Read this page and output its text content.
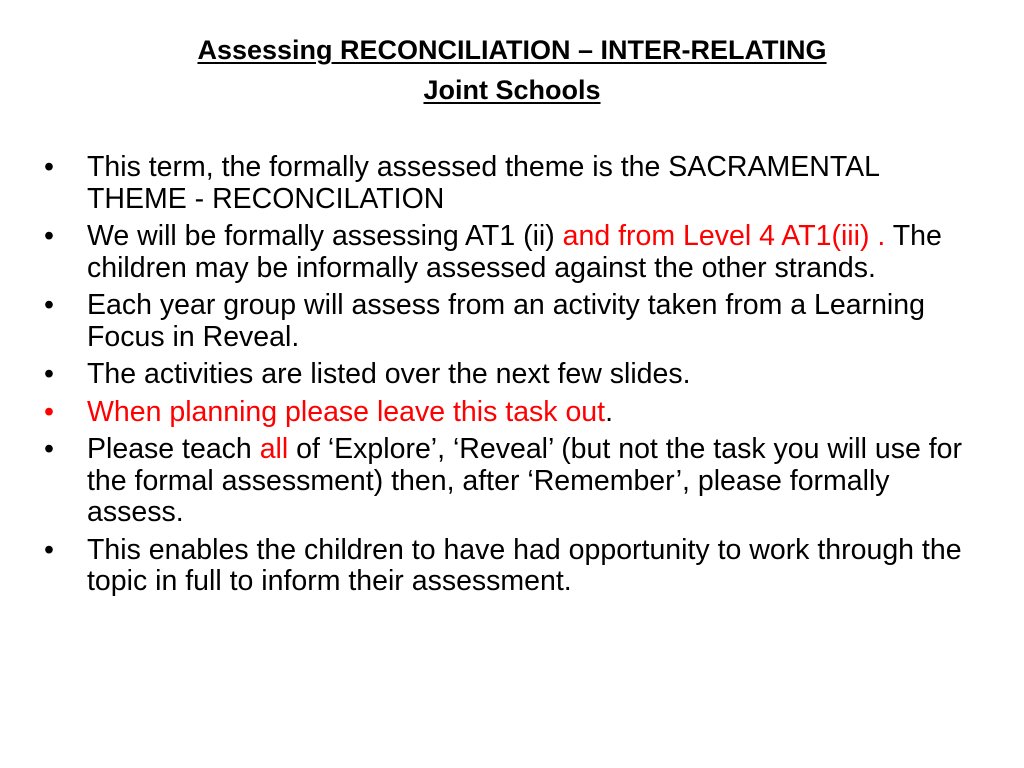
Assessing RECONCILIATION – INTER-RELATING
Joint Schools
• This term, the formally assessed theme is the SACRAMENTAL THEME - RECONCILATION
• We will be formally assessing AT1 (ii) and from Level 4 AT1(iii) . The children may be informally assessed against the other strands.
• Each year group will assess from an activity taken from a Learning Focus in Reveal.
• The activities are listed over the next few slides.
• When planning please leave this task out.
• Please teach all of ‘Explore’, ‘Reveal’ (but not the task you will use for the formal assessment) then, after ‘Remember’, please formally assess.
• This enables the children to have had opportunity to work through the topic in full to inform their assessment.
